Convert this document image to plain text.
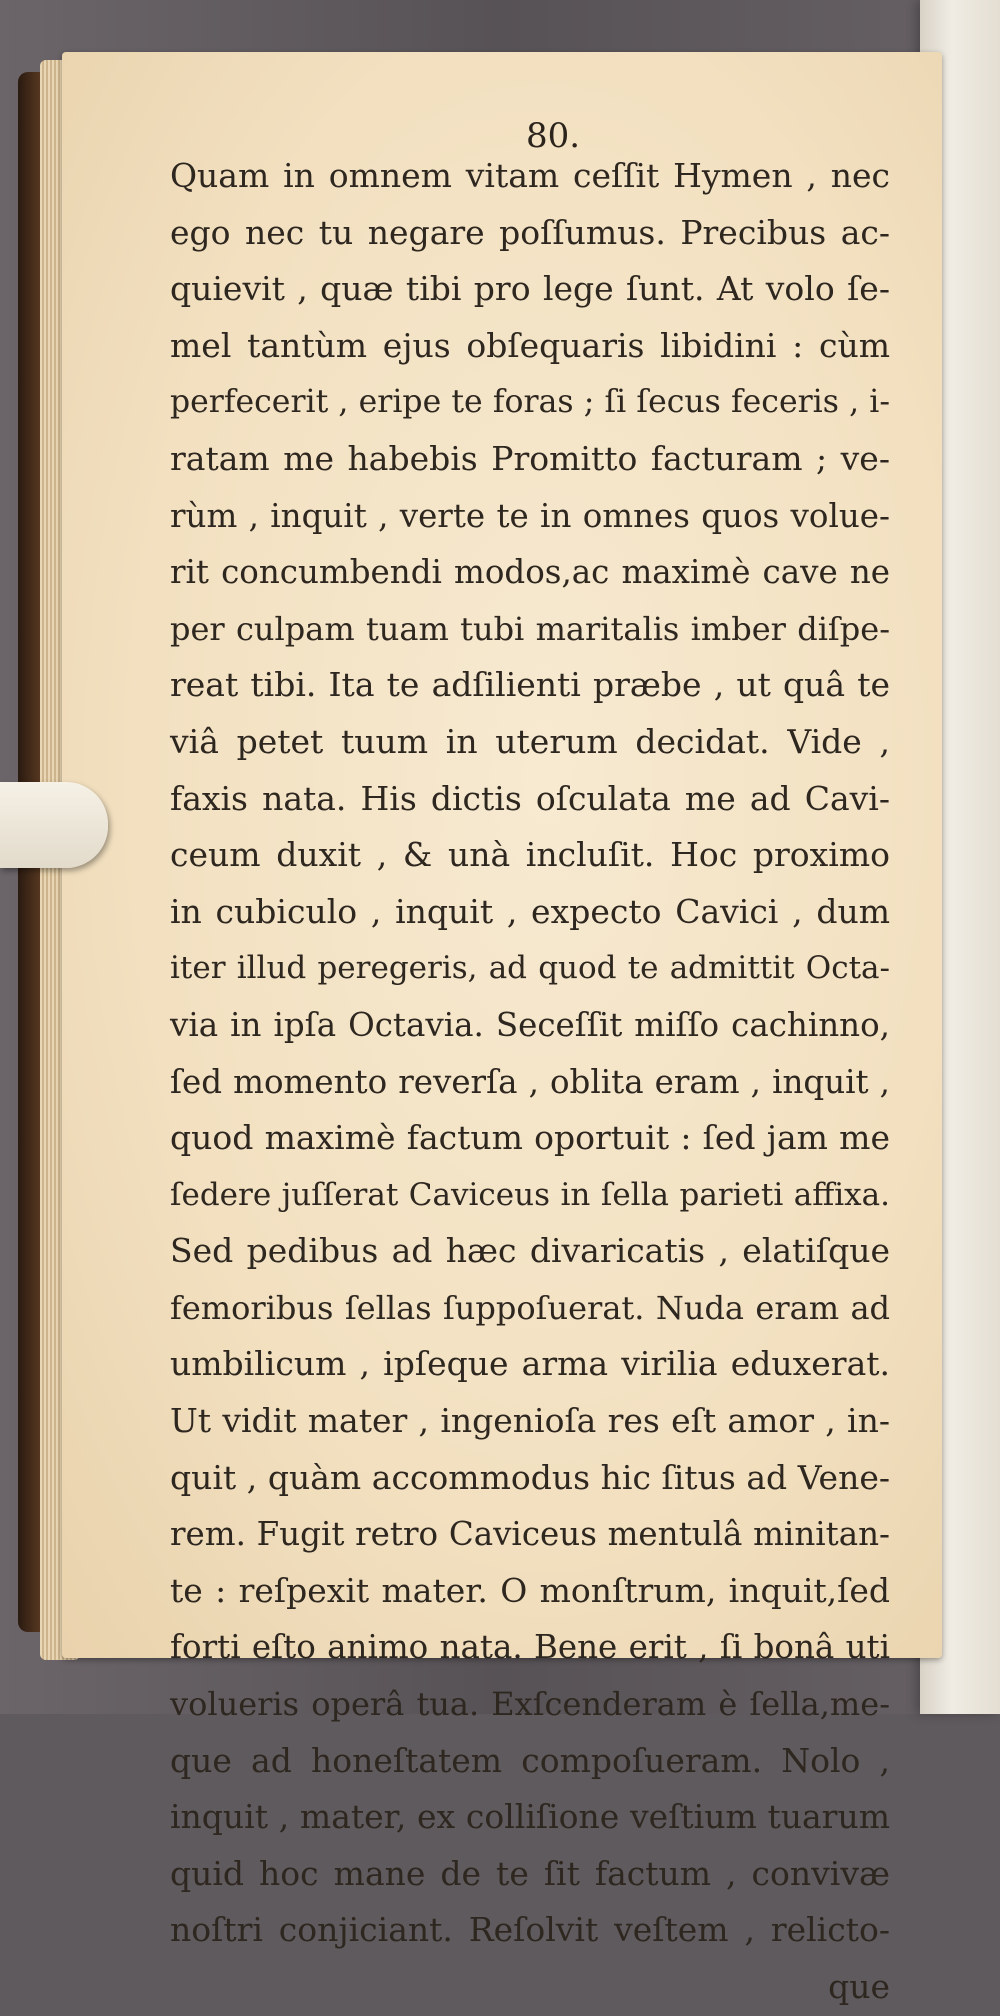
80.
Quam in omnem vitam ceſſit Hymen , nec
ego nec tu negare poſſumus. Precibus ac-
quievit , quæ tibi pro lege ſunt. At volo ſe-
mel tantùm ejus obſequaris libidini : cùm
perfecerit , eripe te foras ; ſi ſecus feceris , i-
ratam me habebis Promitto facturam ; ve-
rùm , inquit , verte te in omnes quos volue-
rit concumbendi modos,ac maximè cave ne
per culpam tuam tubi maritalis imber diſpe-
reat tibi. Ita te adſilienti præbe , ut quâ te
viâ petet tuum in uterum decidat. Vide ,
faxis nata. His dictis oſculata me ad Cavi-
ceum duxit , & unà incluſit. Hoc proximo
in cubiculo , inquit , expecto Cavici , dum
iter illud peregeris, ad quod te admittit Octa-
via in ipſa Octavia. Seceſſit miſſo cachinno,
ſed momento reverſa , oblita eram , inquit ,
quod maximè factum oportuit : ſed jam me
ſedere juſſerat Caviceus in ſella parieti affixa.
Sed pedibus ad hæc divaricatis , elatiſque
femoribus ſellas ſuppoſuerat. Nuda eram ad
umbilicum , ipſeque arma virilia eduxerat.
Ut vidit mater , ingenioſa res eſt amor , in-
quit , quàm accommodus hic ſitus ad Vene-
rem. Fugit retro Caviceus mentulâ minitan-
te : reſpexit mater. O monſtrum, inquit,ſed
forti eſto animo nata. Bene erit , ſi bonâ uti
volueris operâ tua. Exſcenderam è ſella,me-
que ad honeſtatem compoſueram. Nolo ,
inquit , mater, ex colliſione veſtium tuarum
quid hoc mane de te ſit factum , convivæ
noſtri conjiciant. Reſolvit veſtem , relicto-
que
